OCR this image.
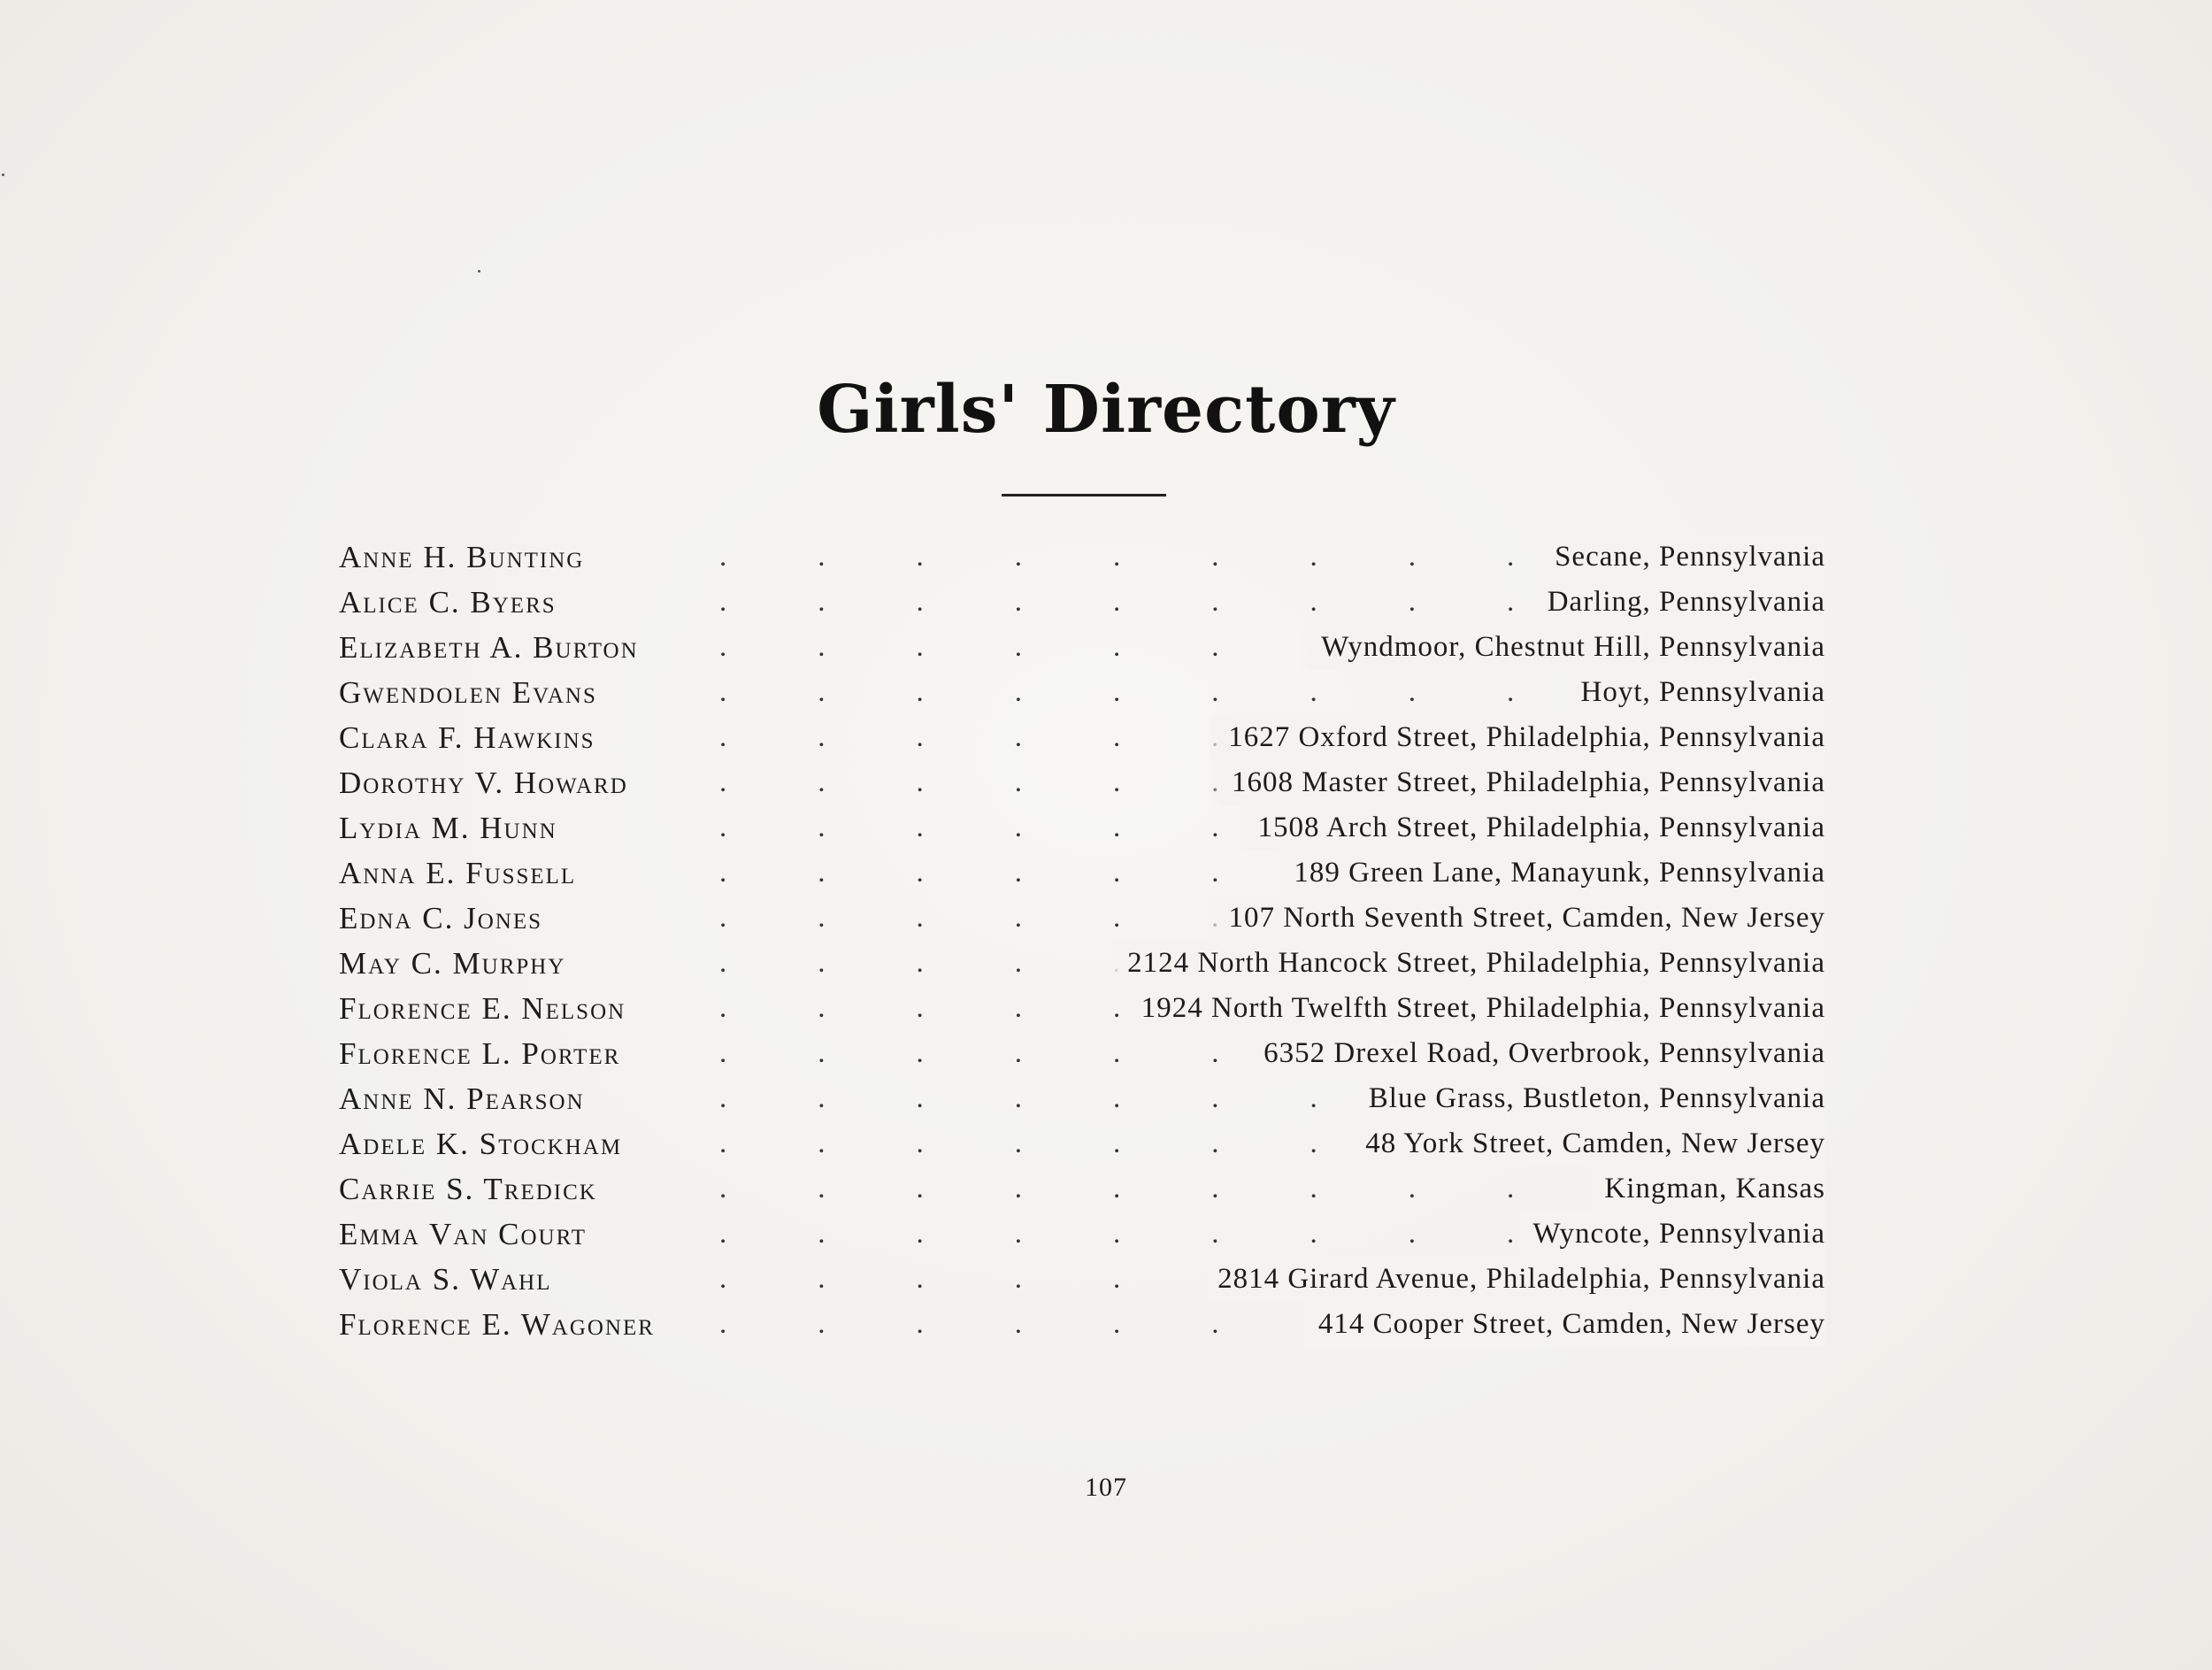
Girls' Directory
Anne H. Bunting .	Secane, Pennsylvania
Alice C. Byers .	Darling, Pennsylvania
Elizabeth A. Burton .	Wyndmoor, Chestnut Hill, Pennsylvania
Gwendolen Evans .	Hoyt, Pennsylvania
Clara F. Hawkins .	1627 Oxford Street, Philadelphia, Pennsylvania
Dorothy V. Howard .	1608 Master Street, Philadelphia, Pennsylvania
Lydia M. Hunn .	1508 Arch Street, Philadelphia, Pennsylvania
Anna E. Fussell .	189 Green Lane, Manayunk, Pennsylvania
Edna C. Jones .	107 North Seventh Street, Camden, New Jersey
May C. Murphy .	2124 North Hancock Street, Philadelphia, Pennsylvania
Florence E. Nelson .	1924 North Twelfth Street, Philadelphia, Pennsylvania
Florence L. Porter .	6352 Drexel Road, Overbrook, Pennsylvania
Anne N. Pearson .	Blue Grass, Bustleton, Pennsylvania
Adele K. Stockham .	48 York Street, Camden, New Jersey
Carrie S. Tredick .	Kingman, Kansas
Emma Van Court .	Wyncote, Pennsylvania
Viola S. Wahl .	2814 Girard Avenue, Philadelphia, Pennsylvania
Florence E. Wagoner .	414 Cooper Street, Camden, New Jersey
107
